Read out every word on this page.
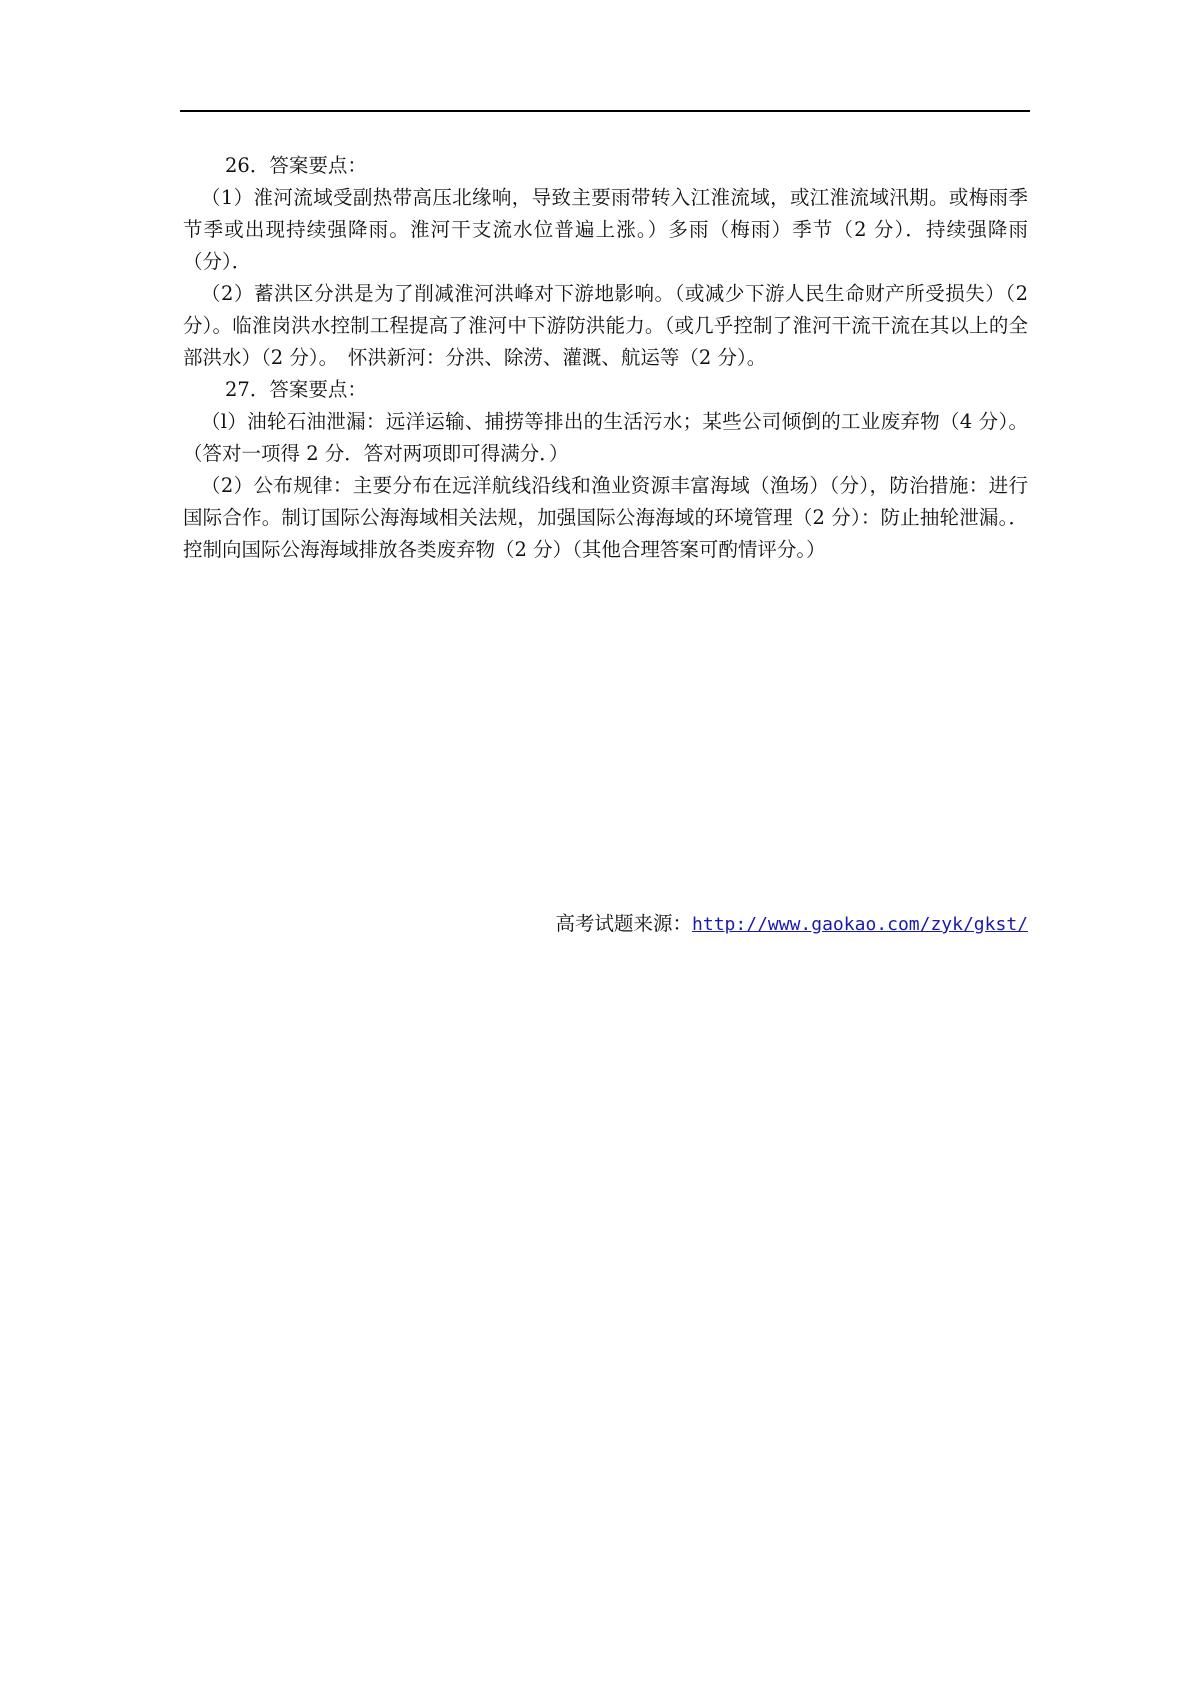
26．答案要点：

（1）淮河流域受副热带高压北缘响，导致主要雨带转入江淮流域，或江淮流域汛期。或梅雨季节季或出现持续强降雨。淮河干支流水位普遍上涨。）多雨（梅雨）季节（2 分）．持续强降雨（分）．

（2）蓄洪区分洪是为了削减淮河洪峰对下游地影响。（或减少下游人民生命财产所受损失）（2 分）。临淮岗洪水控制工程提高了淮河中下游防洪能力。（或几乎控制了淮河干流干流在其以上的全部洪水）（2 分）。　怀洪新河：分洪、除涝、灌溉、航运等（2 分）。

27．答案要点：

（l）油轮石油泄漏：远洋运输、捕捞等排出的生活污水；某些公司倾倒的工业废弃物（4 分）。（答对一项得 2 分．答对两项即可得满分．）

（2）公布规律：主要分布在远洋航线沿线和渔业资源丰富海域（渔场）（分），防治措施：进行国际合作。制订国际公海海域相关法规，加强国际公海海域的环境管理（2 分）：防止抽轮泄漏。．控制向国际公海海域排放各类废弃物（2 分）（其他合理答案可酌情评分。）

高考试题来源：http://www.gaokao.com/zyk/gkst/
